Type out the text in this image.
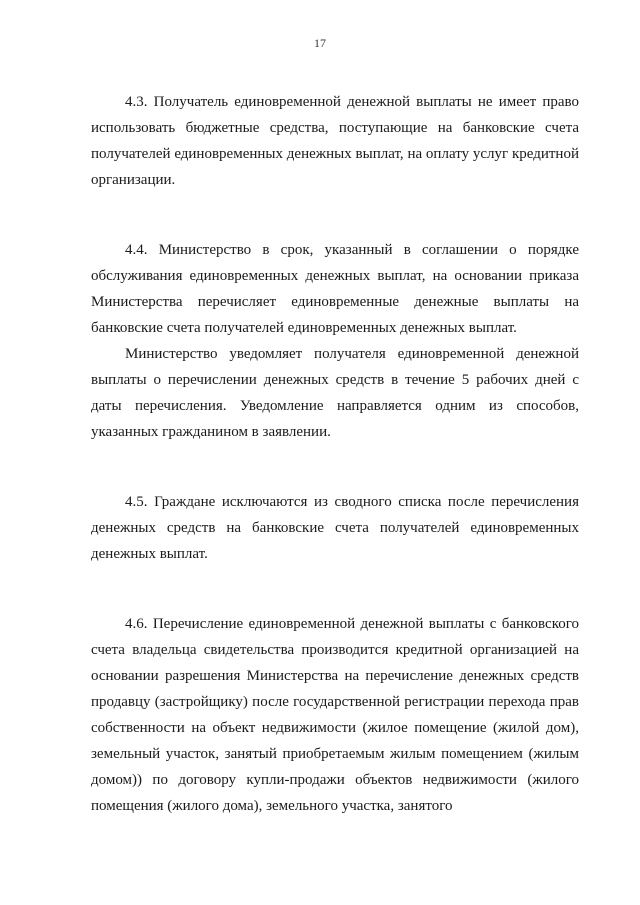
17

4.3. Получатель единовременной денежной выплаты не имеет право использовать бюджетные средства, поступающие на банковские счета получателей единовременных денежных выплат, на оплату услуг кредитной организации.

4.4. Министерство в срок, указанный в соглашении о порядке обслуживания единовременных денежных выплат, на основании приказа Министерства перечисляет единовременные денежные выплаты на банковские счета получателей единовременных денежных выплат.

Министерство уведомляет получателя единовременной денежной выплаты о перечислении денежных средств в течение 5 рабочих дней с даты перечисления. Уведомление направляется одним из способов, указанных гражданином в заявлении.

4.5. Граждане исключаются из сводного списка после перечисления денежных средств на банковские счета получателей единовременных денежных выплат.

4.6. Перечисление единовременной денежной выплаты с банковского счета владельца свидетельства производится кредитной организацией на основании разрешения Министерства на перечисление денежных средств продавцу (застройщику) после государственной регистрации перехода прав собственности на объект недвижимости (жилое помещение (жилой дом), земельный участок, занятый приобретаемым жилым помещением (жилым домом)) по договору купли-продажи объектов недвижимости (жилого помещения (жилого дома), земельного участка, занятого
